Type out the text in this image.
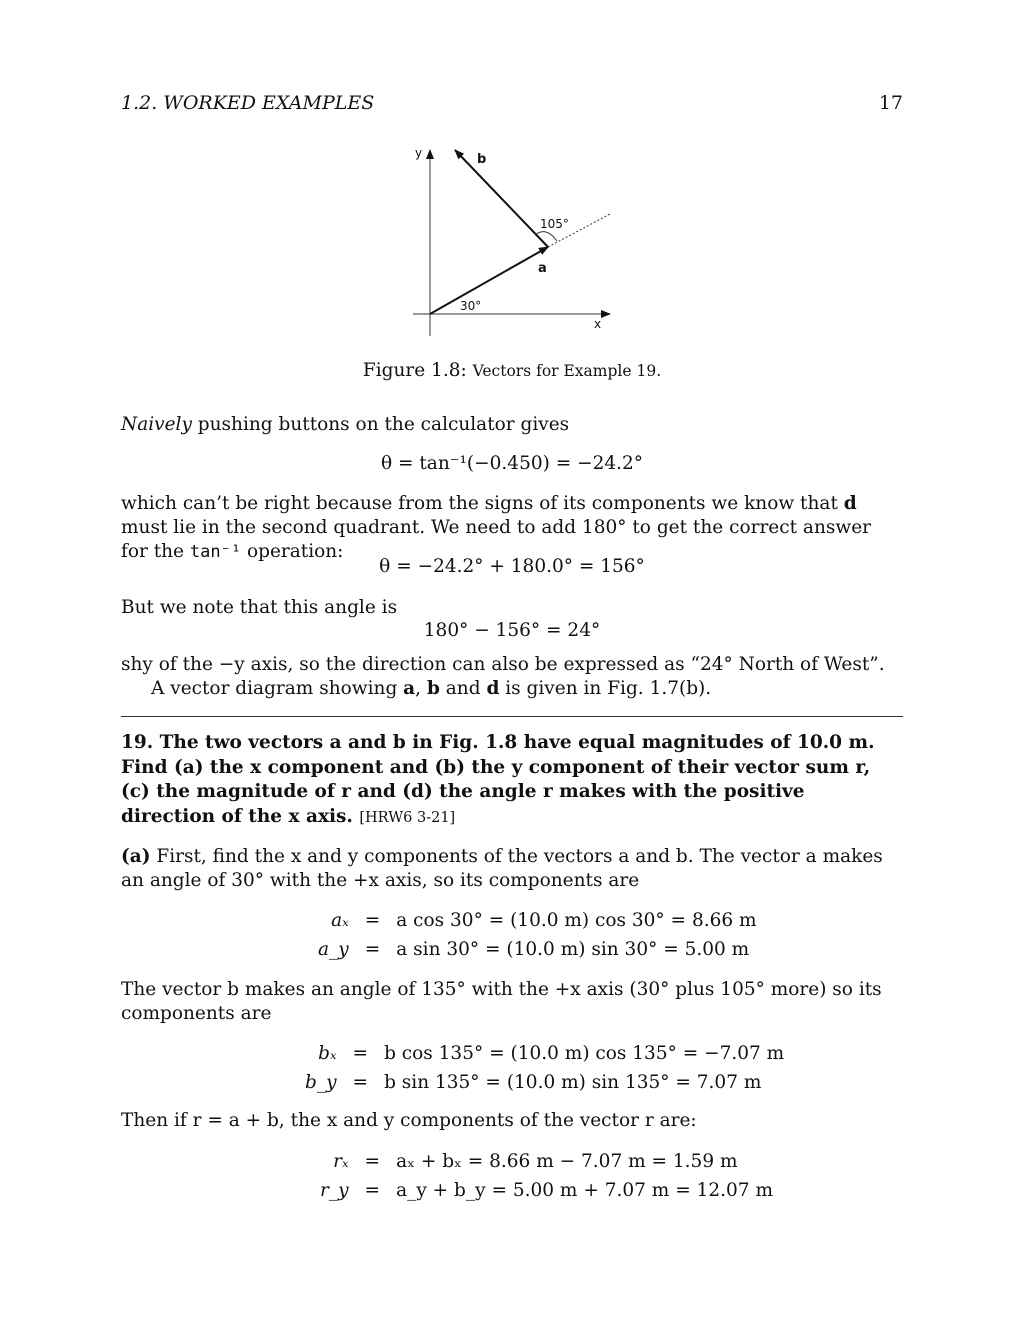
1.2. WORKED EXAMPLES	17
y
x
b
a
105°
30°
Figure 1.8: Vectors for Example 19.
Naively pushing buttons on the calculator gives
θ = tan⁻¹(−0.450) = −24.2°
which can’t be right because from the signs of its components we know that d must lie in the second quadrant. We need to add 180° to get the correct answer for the tan⁻¹ operation:
θ = −24.2° + 180.0° = 156°
But we note that this angle is
180° − 156° = 24°
shy of the −y axis, so the direction can also be expressed as “24° North of West”.
A vector diagram showing a, b and d is given in Fig. 1.7(b).
19. The two vectors a and b in Fig. 1.8 have equal magnitudes of 10.0 m. Find (a) the x component and (b) the y component of their vector sum r, (c) the magnitude of r and (d) the angle r makes with the positive direction of the x axis. [HRW6 3-21]
(a) First, find the x and y components of the vectors a and b. The vector a makes an angle of 30° with the +x axis, so its components are
aₓ	=	a cos 30° = (10.0 m) cos 30° = 8.66 m
a_y	=	a sin 30° = (10.0 m) sin 30° = 5.00 m
The vector b makes an angle of 135° with the +x axis (30° plus 105° more) so its components are
bₓ	=	b cos 135° = (10.0 m) cos 135° = −7.07 m
b_y	=	b sin 135° = (10.0 m) sin 135° = 7.07 m
Then if r = a + b, the x and y components of the vector r are:
rₓ	=	aₓ + bₓ = 8.66 m − 7.07 m = 1.59 m
r_y	=	a_y + b_y = 5.00 m + 7.07 m = 12.07 m
